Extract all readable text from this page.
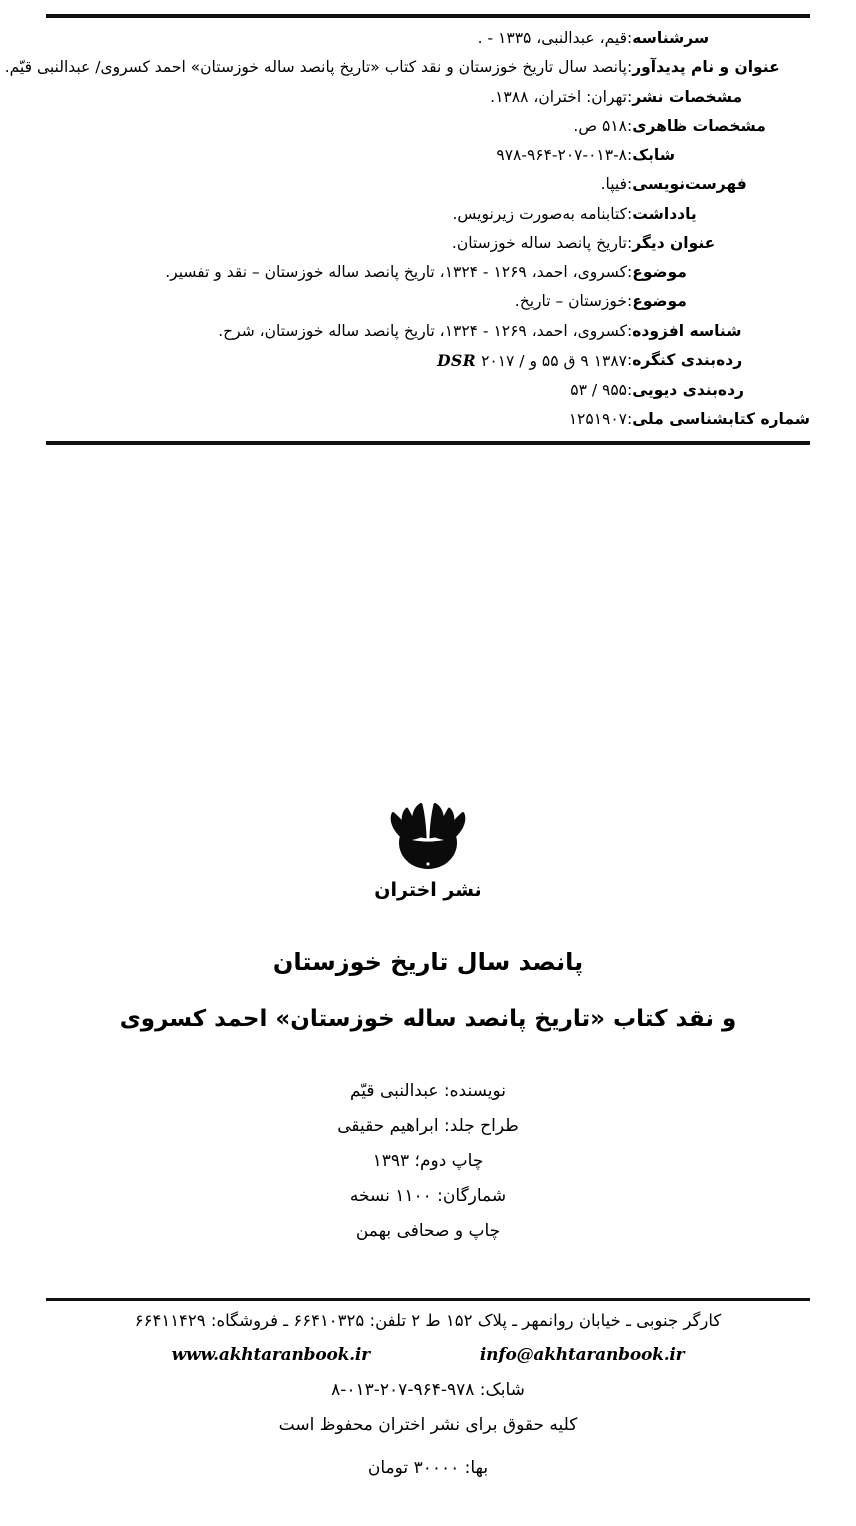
سرشناسه	:	قیم، عبدالنبی، ۱۳۳۵ - .
عنوان و نام پدیدآور	:	پانصد سال تاریخ خوزستان و نقد کتاب «تاریخ پانصد ساله خوزستان» احمد کسروی/ عبدالنبی قیّم.
مشخصات نشر	:	تهران: اختران، ۱۳۸۸.
مشخصات ظاهری	:	۵۱۸ ص.
شابک	:	۹۷۸-۹۶۴-۲۰۷-۰۱۳-۸
فهرست‌نویسی	:	فیپا.
یادداشت	:	کتابنامه به‌صورت زیرنویس.
عنوان دیگر	:	تاریخ پانصد ساله خوزستان.
موضوع	:	کسروی، احمد، ۱۲۶۹ - ۱۳۲۴، تاریخ پانصد ساله خوزستان – نقد و تفسیر.
موضوع	:	خوزستان – تاریخ.
شناسه افزوده	:	کسروی، احمد، ۱۲۶۹ - ۱۳۲۴، تاریخ پانصد ساله خوزستان، شرح.
رده‌بندی کنگره	:	۱۳۸۷ ۹ ق ۵۵ و / ۲۰۱۷ DSR
رده‌بندی دیویی	:	۹۵۵ / ۵۳
شماره کتابشناسی ملی	:	۱۲۵۱۹۰۷
نشر اختران
پانصد سال تاریخ خوزستان
و نقد کتاب «تاریخ پانصد ساله خوزستان» احمد کسروی
نویسنده: عبدالنبی قیّم
طراح جلد: ابراهیم حقیقی
چاپ دوم؛ ۱۳۹۳
شمارگان: ۱۱۰۰ نسخه
چاپ و صحافی بهمن
کارگر جنوبی ـ خیابان روانمهر ـ پلاک ۱۵۲ ط ۲ تلفن: ۶۶۴۱۰۳۲۵ ـ فروشگاه: ۶۶۴۱۱۴۲۹
www.akhtaranbook.ir	info@akhtaranbook.ir
شابک: ۹۷۸-۹۶۴-۲۰۷-۰۱۳-۸
کلیه حقوق برای نشر اختران محفوظ است
بها: ۳۰۰۰۰ تومان
